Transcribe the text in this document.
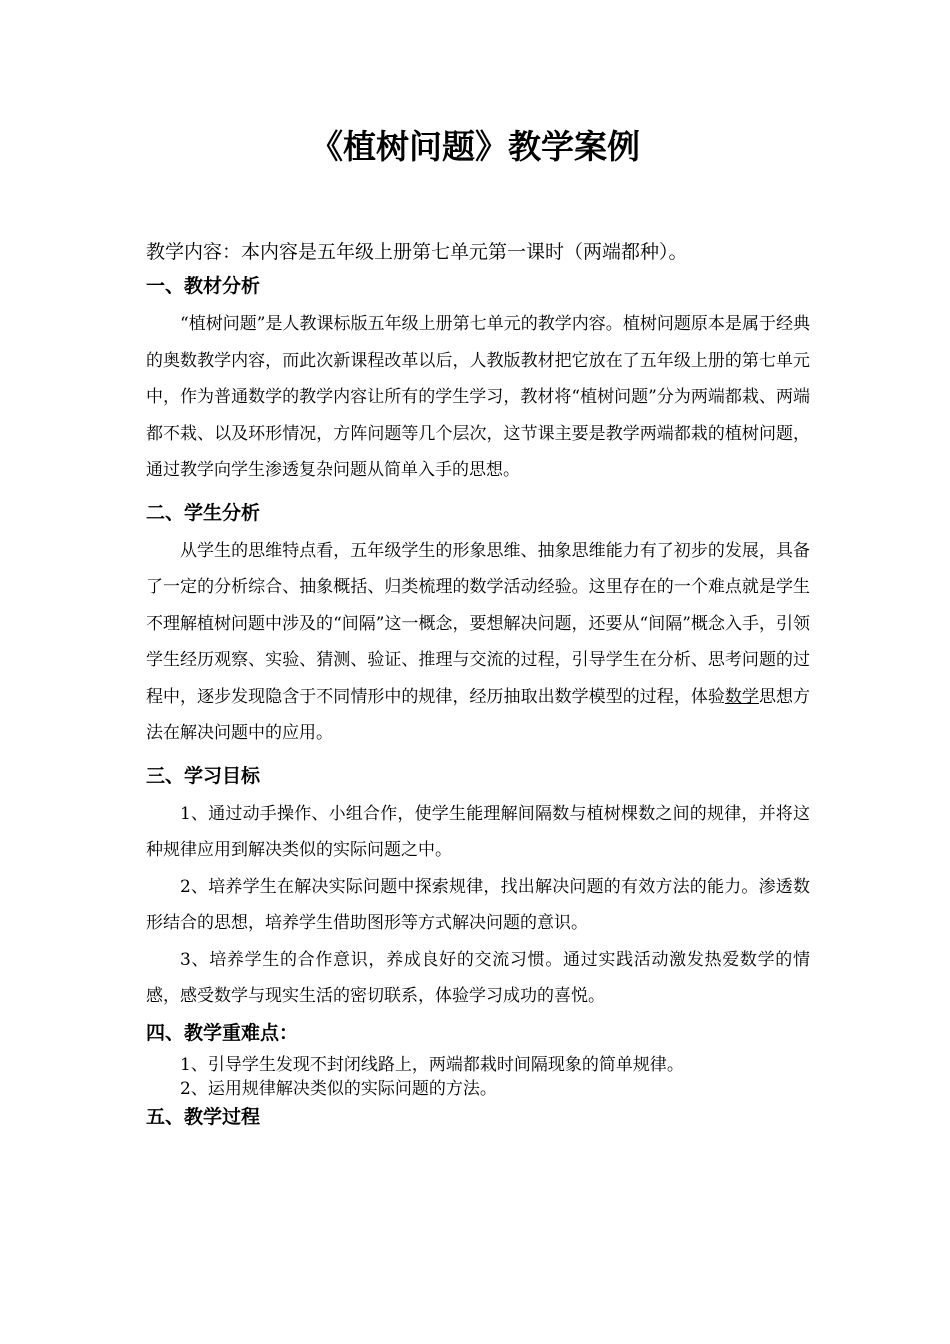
《植树问题》教学案例

教学内容：本内容是五年级上册第七单元第一课时（两端都种）。

一、教材分析

“植树问题”是人教课标版五年级上册第七单元的教学内容。植树问题原本是属于经典的奥数教学内容，而此次新课程改革以后，人教版教材把它放在了五年级上册的第七单元中，作为普通数学的教学内容让所有的学生学习，教材将“植树问题”分为两端都栽、两端都不栽、以及环形情况，方阵问题等几个层次，这节课主要是教学两端都栽的植树问题，通过教学向学生渗透复杂问题从简单入手的思想。

二、学生分析

从学生的思维特点看，五年级学生的形象思维、抽象思维能力有了初步的发展，具备了一定的分析综合、抽象概括、归类梳理的数学活动经验。这里存在的一个难点就是学生不理解植树问题中涉及的“间隔”这一概念，要想解决问题，还要从“间隔”概念入手，引领学生经历观察、实验、猜测、验证、推理与交流的过程，引导学生在分析、思考问题的过程中，逐步发现隐含于不同情形中的规律，经历抽取出数学模型的过程，体验数学思想方法在解决问题中的应用。

三、学习目标

1、通过动手操作、小组合作，使学生能理解间隔数与植树棵数之间的规律，并将这种规律应用到解决类似的实际问题之中。

2、培养学生在解决实际问题中探索规律，找出解决问题的有效方法的能力。渗透数形结合的思想，培养学生借助图形等方式解决问题的意识。

3、培养学生的合作意识，养成良好的交流习惯。通过实践活动激发热爱数学的情感，感受数学与现实生活的密切联系，体验学习成功的喜悦。

四、教学重难点：

1、引导学生发现不封闭线路上，两端都栽时间隔现象的简单规律。

2、运用规律解决类似的实际问题的方法。

五、教学过程
